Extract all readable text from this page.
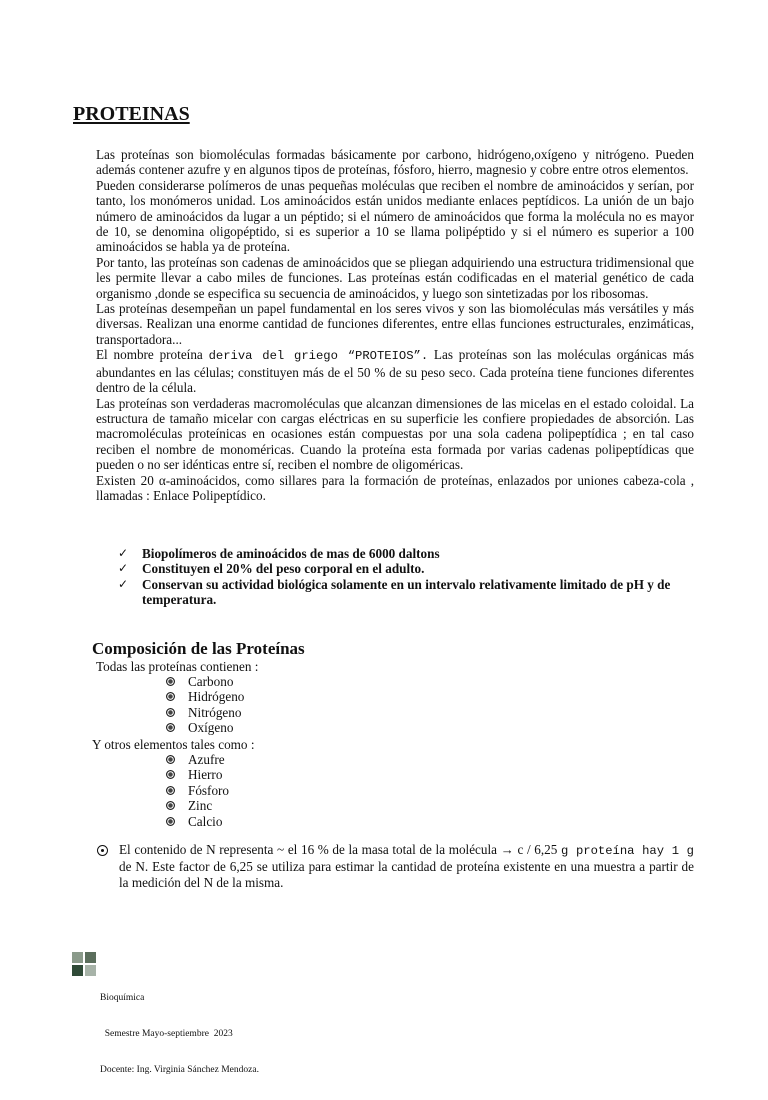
PROTEINAS

Las proteínas son biomoléculas formadas básicamente por carbono, hidrógeno,oxígeno y nitrógeno. Pueden además contener azufre y en algunos tipos de proteínas, fósforo, hierro, magnesio y cobre entre otros elementos.

Pueden considerarse polímeros de unas pequeñas moléculas que reciben el nombre de aminoácidos y serían, por tanto, los monómeros unidad. Los aminoácidos están unidos mediante enlaces peptídicos. La unión de un bajo número de aminoácidos da lugar a un péptido; si el número de aminoácidos que forma la molécula no es mayor de 10, se denomina oligopéptido, si es superior a 10 se llama polipéptido y si el número es superior a 100 aminoácidos se habla ya de proteína.

Por tanto, las proteínas son cadenas de aminoácidos que se pliegan adquiriendo una estructura tridimensional que les permite llevar a cabo miles de funciones. Las proteínas están codificadas en el material genético de cada organismo ,donde se especifica su secuencia de aminoácidos, y luego son sintetizadas por los ribosomas.

Las proteínas desempeñan un papel fundamental en los seres vivos y son las biomoléculas más versátiles y más diversas. Realizan una enorme cantidad de funciones diferentes, entre ellas funciones estructurales, enzimáticas, transportadora...

El nombre proteína deriva del griego “PROTEIOS”. Las proteínas son las moléculas orgánicas más abundantes en las células; constituyen más de el 50 % de su peso seco. Cada proteína tiene funciones diferentes dentro de la célula.

Las proteínas son verdaderas macromoléculas que alcanzan dimensiones de las micelas en el estado coloidal. La estructura de tamaño micelar con cargas eléctricas en su superficie les confiere propiedades de absorción. Las macromoléculas proteínicas en ocasiones están compuestas por una sola cadena polipeptídica ; en tal caso reciben el nombre de monoméricas. Cuando la proteína esta formada por varias cadenas polipeptídicas que pueden o no ser idénticas entre sí, reciben el nombre de oligoméricas.

Existen 20 α-aminoácidos, como sillares para la formación de proteínas, enlazados por uniones cabeza-cola , llamadas : Enlace Polipeptídico.

✓ Biopolímeros de aminoácidos de mas de 6000 daltons
✓ Constituyen el 20% del peso corporal en el adulto.
✓ Conservan su actividad biológica solamente en un intervalo relativamente limitado de pH y de temperatura.
Composición de las Proteínas
Todas las proteínas contienen :
Carbono
Hidrógeno
Nitrógeno
Oxígeno
Y otros elementos tales como :
Azufre
Hierro
Fósforo
Zinc
Calcio
El contenido de N representa ~ el 16 % de la masa total de la molécula → c / 6,25 g proteína hay 1 g de N. Este factor de 6,25 se utiliza para estimar la cantidad de proteína existente en una muestra a partir de la medición del N de la misma.

Bioquímica

Semestre Mayo-septiembre  2023

Docente: Ing. Virginia Sánchez Mendoza.
